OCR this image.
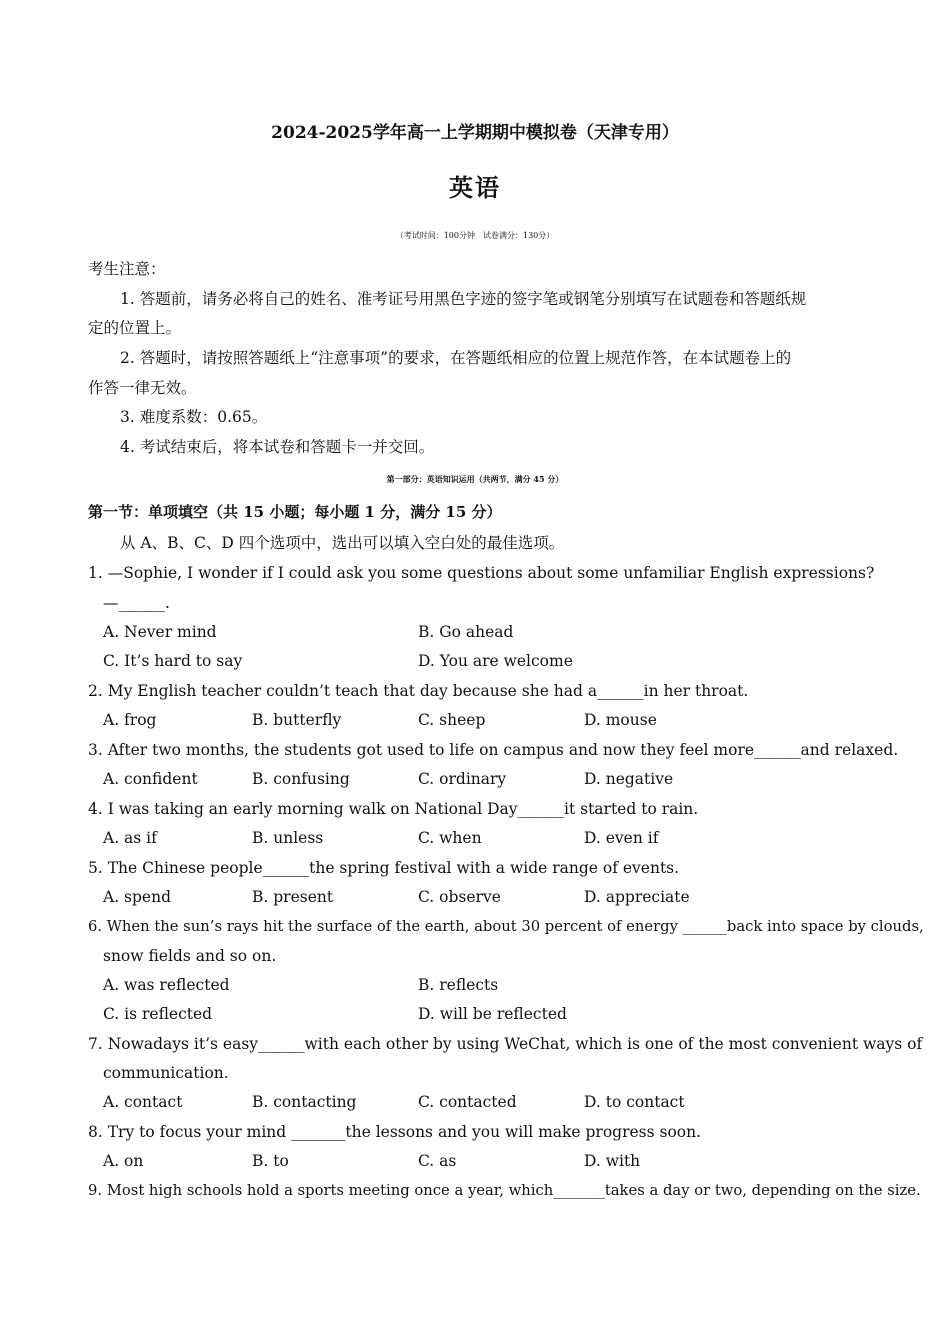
2024-2025学年高一上学期期中模拟卷（天津专用）
英语
（考试时间：100分钟　试卷满分：130分）
考生注意：
1. 答题前，请务必将自己的姓名、准考证号用黑色字迹的签字笔或钢笔分别填写在试题卷和答题纸规
定的位置上。
2. 答题时，请按照答题纸上“注意事项”的要求，在答题纸相应的位置上规范作答，在本试题卷上的
作答一律无效。
3. 难度系数：0.65。
4. 考试结束后，将本试卷和答题卡一并交回。
第一部分：英语知识运用（共两节，满分 45 分）
第一节：单项填空（共 15 小题；每小题 1 分，满分 15 分）
从 A、B、C、D 四个选项中，选出可以填入空白处的最佳选项。
1. —Sophie, I wonder if I could ask you some questions about some unfamiliar English expressions?
—______.
A. Never mind	B. Go ahead
C. It’s hard to say	D. You are welcome
2. My English teacher couldn’t teach that day because she had a______in her throat.
A. frog	B. butterfly	C. sheep	D. mouse
3. After two months, the students got used to life on campus and now they feel more______and relaxed.
A. confident	B. confusing	C. ordinary	D. negative
4. I was taking an early morning walk on National Day______it started to rain.
A. as if	B. unless	C. when	D. even if
5. The Chinese people______the spring festival with a wide range of events.
A. spend	B. present	C. observe	D. appreciate
6. When the sun’s rays hit the surface of the earth, about 30 percent of energy ______back into space by clouds,
snow fields and so on.
A. was reflected	B. reflects
C. is reflected	D. will be reflected
7. Nowadays it’s easy______with each other by using WeChat, which is one of the most convenient ways of
communication.
A. contact	B. contacting	C. contacted	D. to contact
8. Try to focus your mind _______the lessons and you will make progress soon.
A. on	B. to	C. as	D. with
9. Most high schools hold a sports meeting once a year, which_______takes a day or two, depending on the size.
